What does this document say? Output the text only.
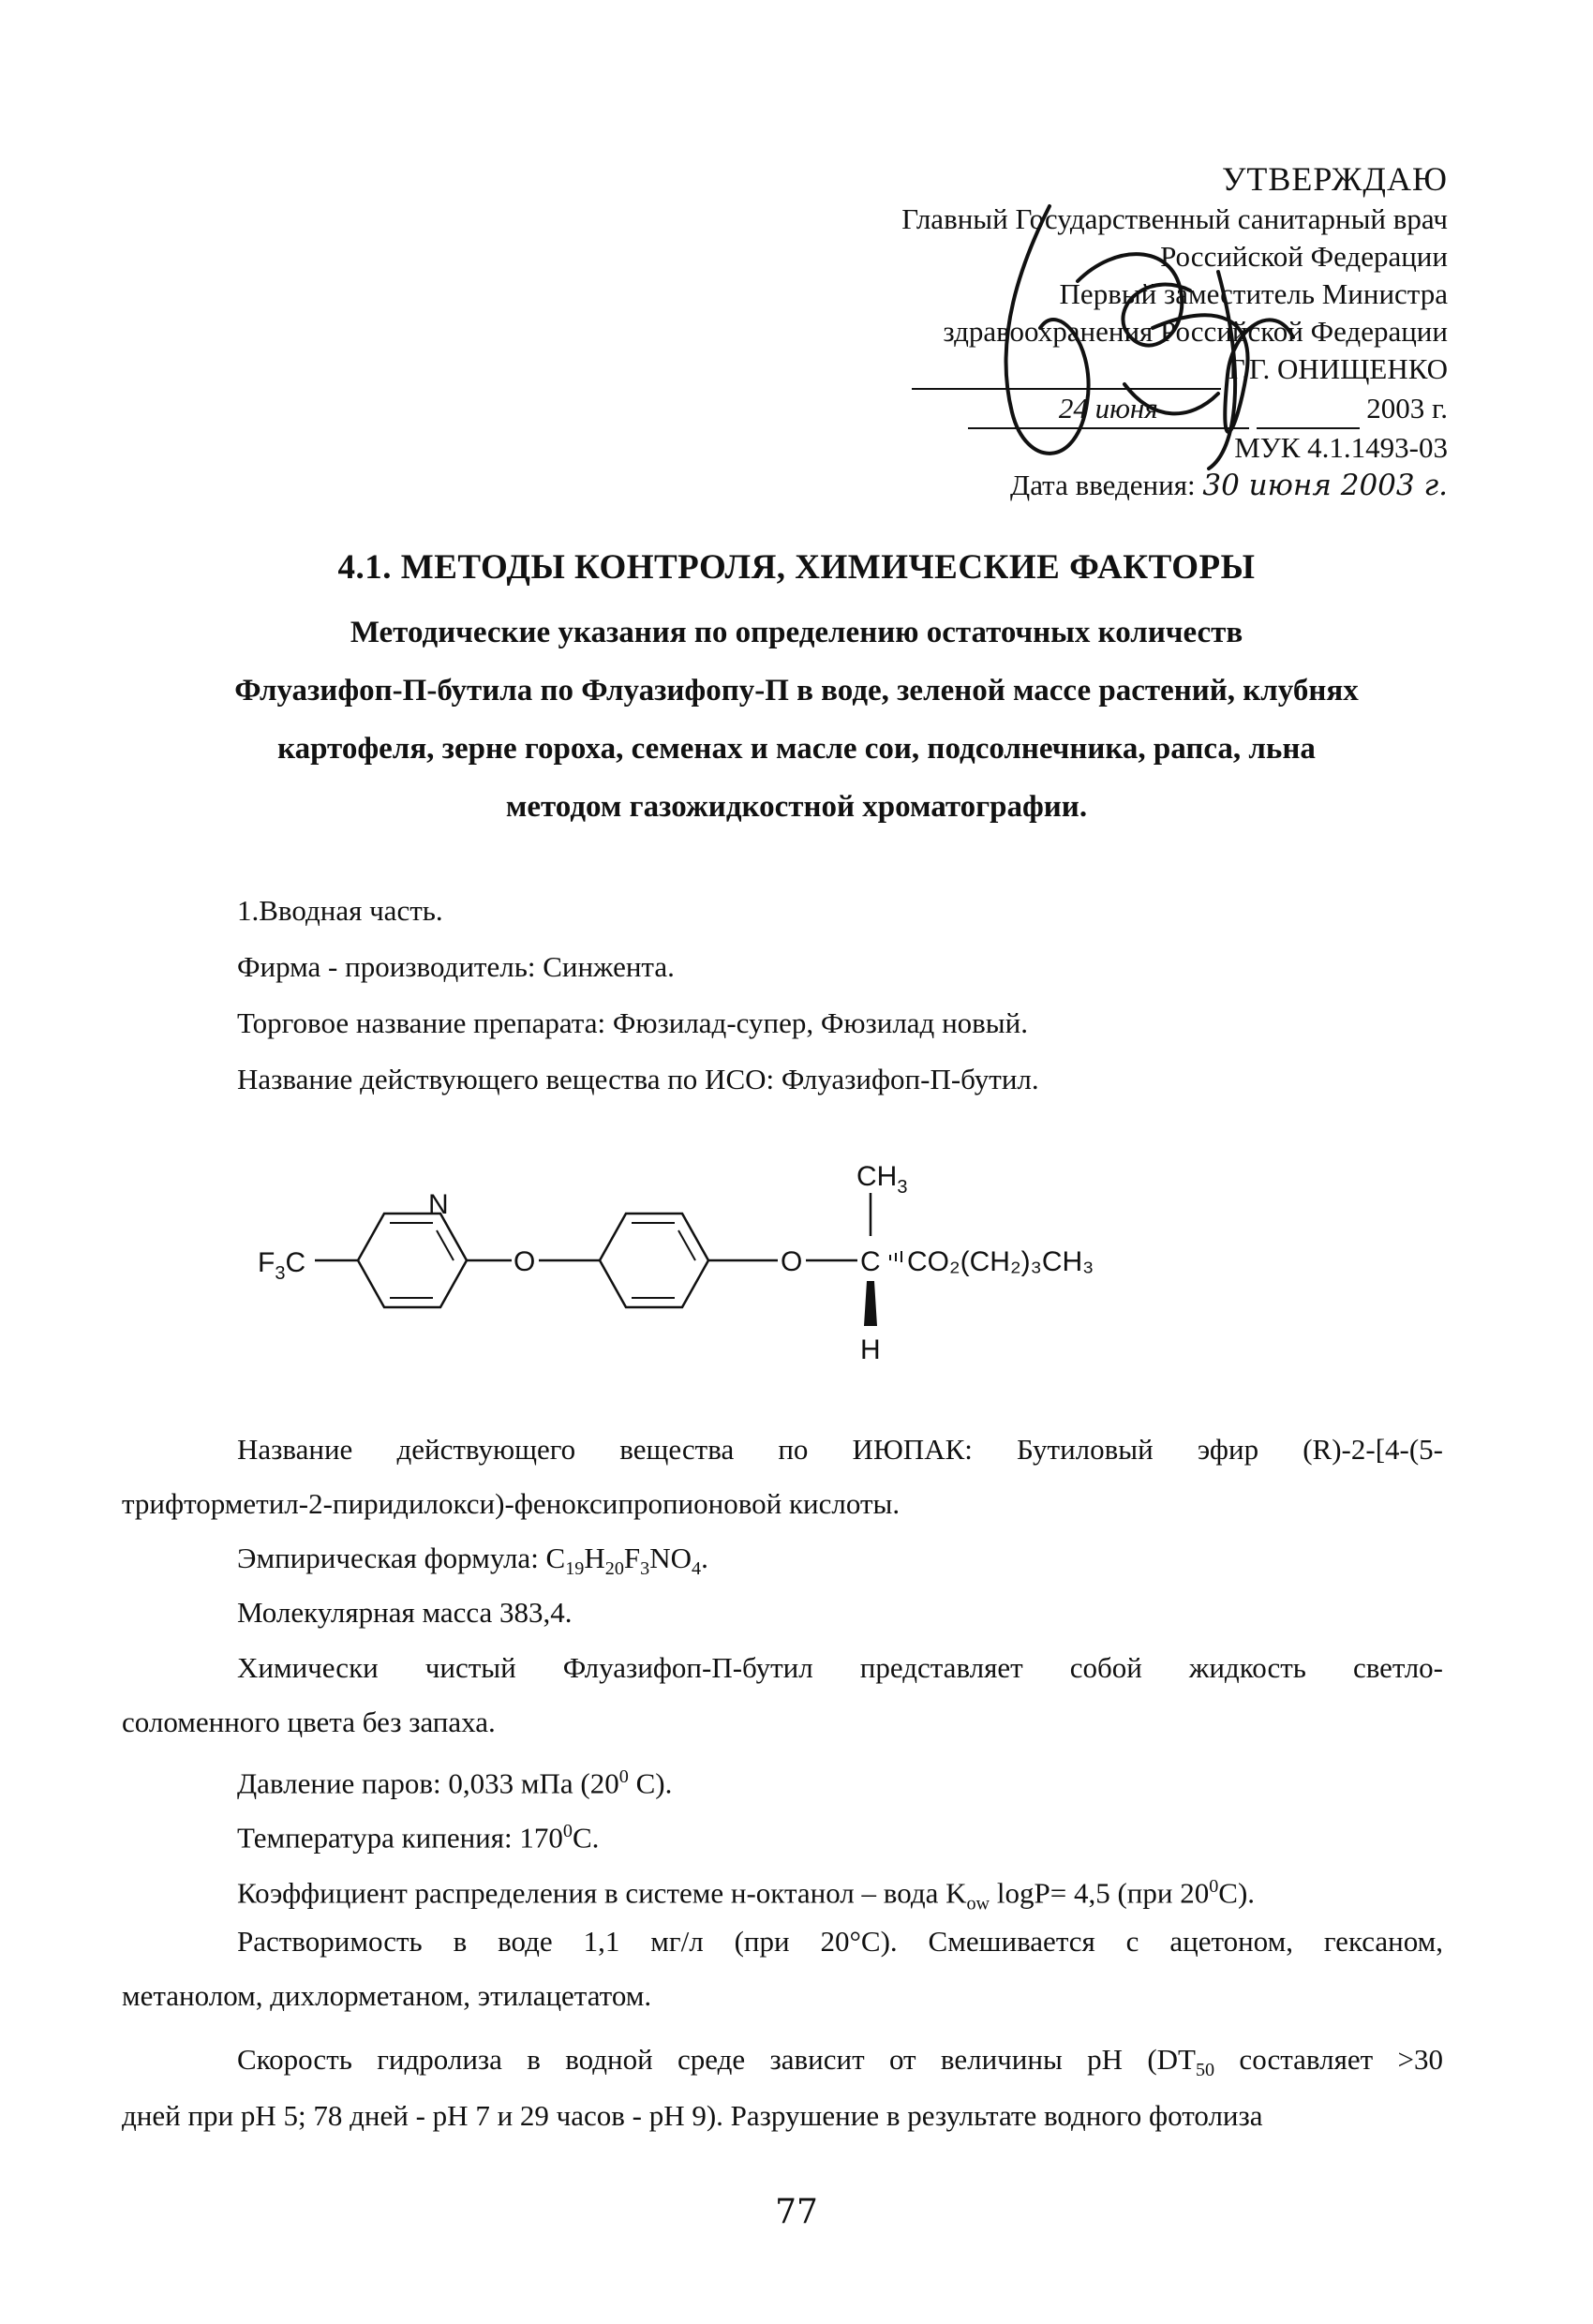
УТВЕРЖДАЮ
Главный Государственный санитарный врач
Российской Федерации
Первый заместитель Министра
здравоохранения Российской Федерации
Г.Г. ОНИЩЕНКО
24 июня	2003 г.
МУК 4.1.1493-03
Дата введения: 30 июня 2003 г.
4.1. МЕТОДЫ КОНТРОЛЯ, ХИМИЧЕСКИЕ ФАКТОРЫ
Методические указания по определению остаточных количеств
Флуазифоп-П-бутила по Флуазифопу-П в воде, зеленой массе растений, клубнях
картофеля, зерне гороха, семенах и масле сои, подсолнечника, рапса, льна
методом газожидкостной хроматографии.
1.Вводная часть.
Фирма - производитель: Синжента.
Торговое название препарата: Фюзилад-супер, Фюзилад новый.
Название действующего вещества по ИСО: Флуазифоп-П-бутил.
$F_3C$
N
O	O C
$CH_3$
H
CO₂(CH₂)₃CH₃
Название действующего вещества по ИЮПАК: Бутиловый эфир (R)-2-[4-(5-
трифторметил-2-пиридилокси)-феноксипропионовой кислоты.
Эмпирическая формула: $C_{19}H_{20}F_3NO_4$.
Молекулярная масса 383,4.
Химически чистый Флуазифоп-П-бутил представляет собой жидкость светло-
соломенного цвета без запаха.
Давление паров: 0,033 мПа ($20^0$ С).
Температура кипения: $170^0С$.
Коэффициент распределения в системе н-октанол – вода $K_{ow}$ logP= 4,5 (при $20^0С$).
Растворимость в воде 1,1 мг/л (при 20°С). Смешивается с ацетоном, гексаном,
метанолом, дихлорметаном, этилацетатом.
Скорость гидролиза в водной среде зависит от величины pH ($DT_{50}$ составляет >30
дней при pH 5; 78 дней - pH 7 и 29 часов - pH 9). Разрушение в результате водного фотолиза
77
